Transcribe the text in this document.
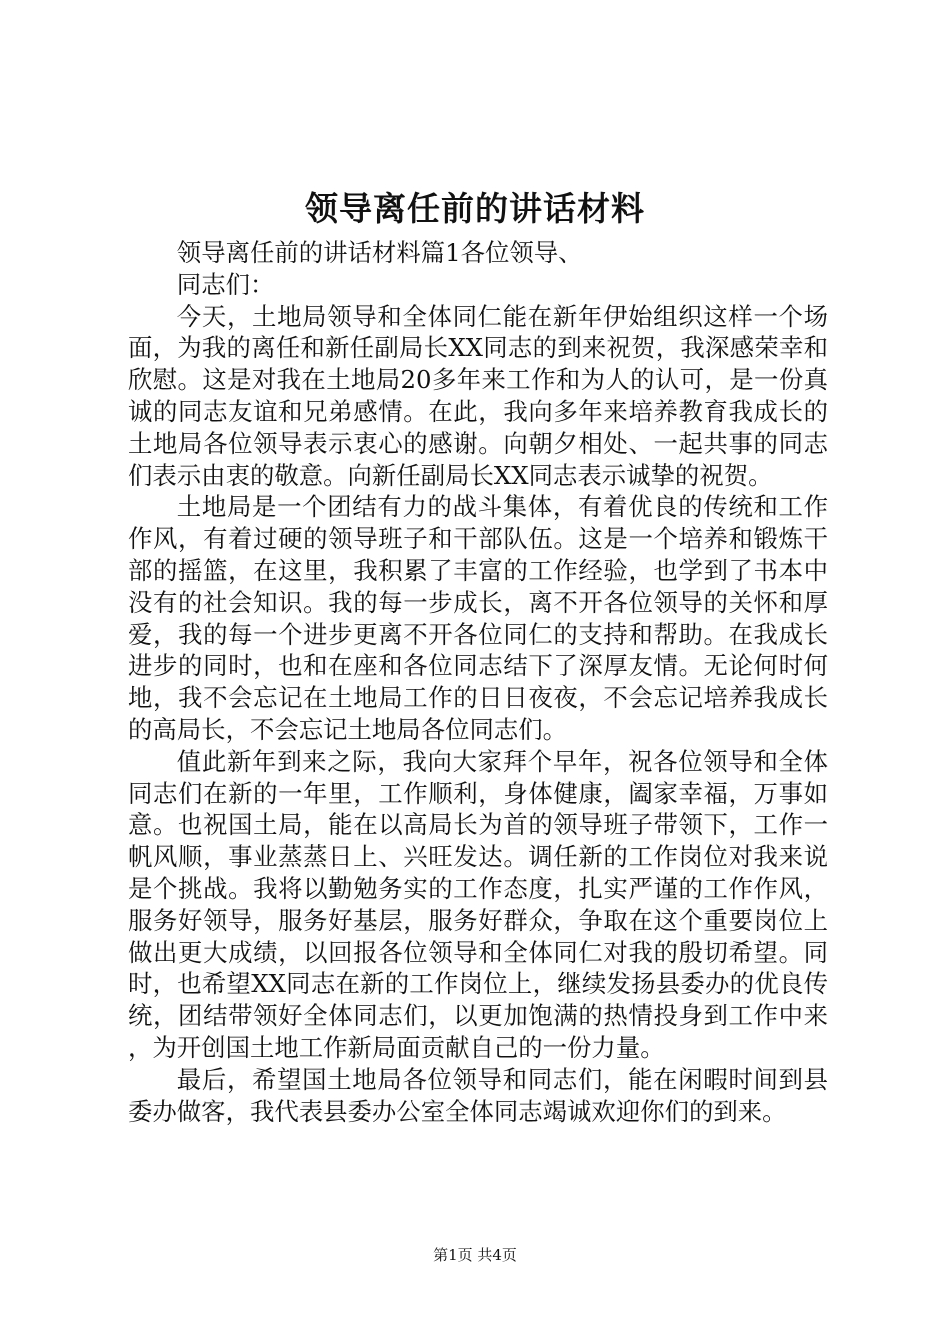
领导离任前的讲话材料

领导离任前的讲话材料篇1各位领导、

同志们：

今天，土地局领导和全体同仁能在新年伊始组织这样一个场面，为我的离任和新任副局长XX同志的到来祝贺，我深感荣幸和欣慰。这是对我在土地局20多年来工作和为人的认可，是一份真诚的同志友谊和兄弟感情。在此，我向多年来培养教育我成长的土地局各位领导表示衷心的感谢。向朝夕相处、一起共事的同志们表示由衷的敬意。向新任副局长XX同志表示诚挚的祝贺。

土地局是一个团结有力的战斗集体，有着优良的传统和工作作风，有着过硬的领导班子和干部队伍。这是一个培养和锻炼干部的摇篮，在这里，我积累了丰富的工作经验，也学到了书本中没有的社会知识。我的每一步成长，离不开各位领导的关怀和厚爱，我的每一个进步更离不开各位同仁的支持和帮助。在我成长进步的同时，也和在座和各位同志结下了深厚友情。无论何时何地，我不会忘记在土地局工作的日日夜夜，不会忘记培养我成长的高局长，不会忘记土地局各位同志们。

值此新年到来之际，我向大家拜个早年，祝各位领导和全体同志们在新的一年里，工作顺利，身体健康，阖家幸福，万事如意。也祝国土局，能在以高局长为首的领导班子带领下，工作一帆风顺，事业蒸蒸日上、兴旺发达。调任新的工作岗位对我来说是个挑战。我将以勤勉务实的工作态度，扎实严谨的工作作风，服务好领导，服务好基层，服务好群众，争取在这个重要岗位上做出更大成绩，以回报各位领导和全体同仁对我的殷切希望。同时，也希望XX同志在新的工作岗位上，继续发扬县委办的优良传统，团结带领好全体同志们，以更加饱满的热情投身到工作中来，为开创国土地工作新局面贡献自己的一份力量。

最后，希望国土地局各位领导和同志们，能在闲暇时间到县委办做客，我代表县委办公室全体同志竭诚欢迎你们的到来。

第1页 共4页
